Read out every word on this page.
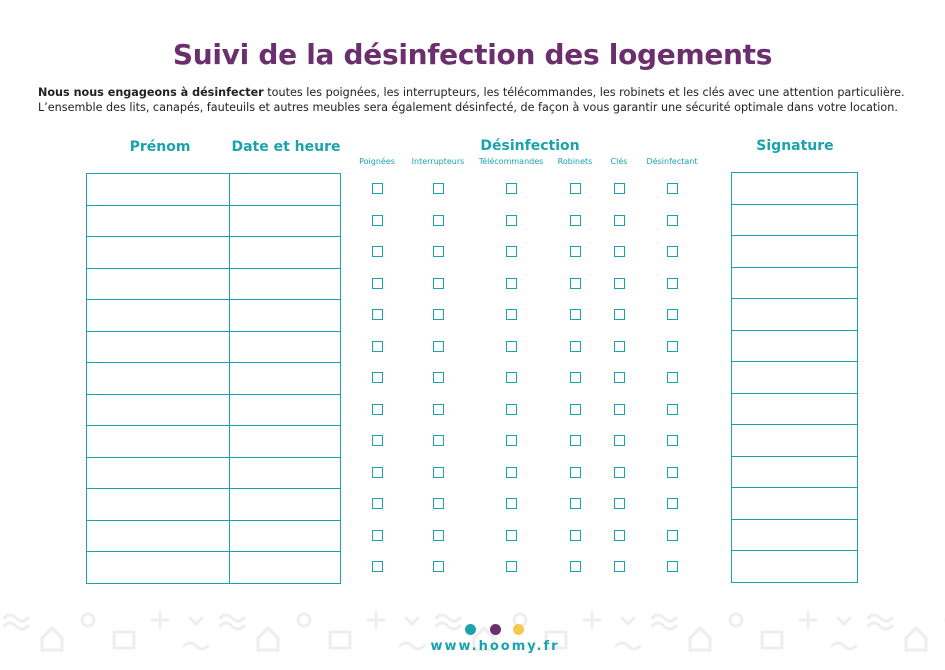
Suivi de la désinfection des logements
Nous nous engageons à désinfecter toutes les poignées, les interrupteurs, les télécommandes, les robinets et les clés avec une attention particulière.
L’ensemble des lits, canapés, fauteuils et autres meubles sera également désinfecté, de façon à vous garantir une sécurité optimale dans votre location.
Prénom	Date et heure	Désinfection	Signature
Poignées Interrupteurs Télécommandes Robinets Clés Désinfectant
www.hoomy.fr
